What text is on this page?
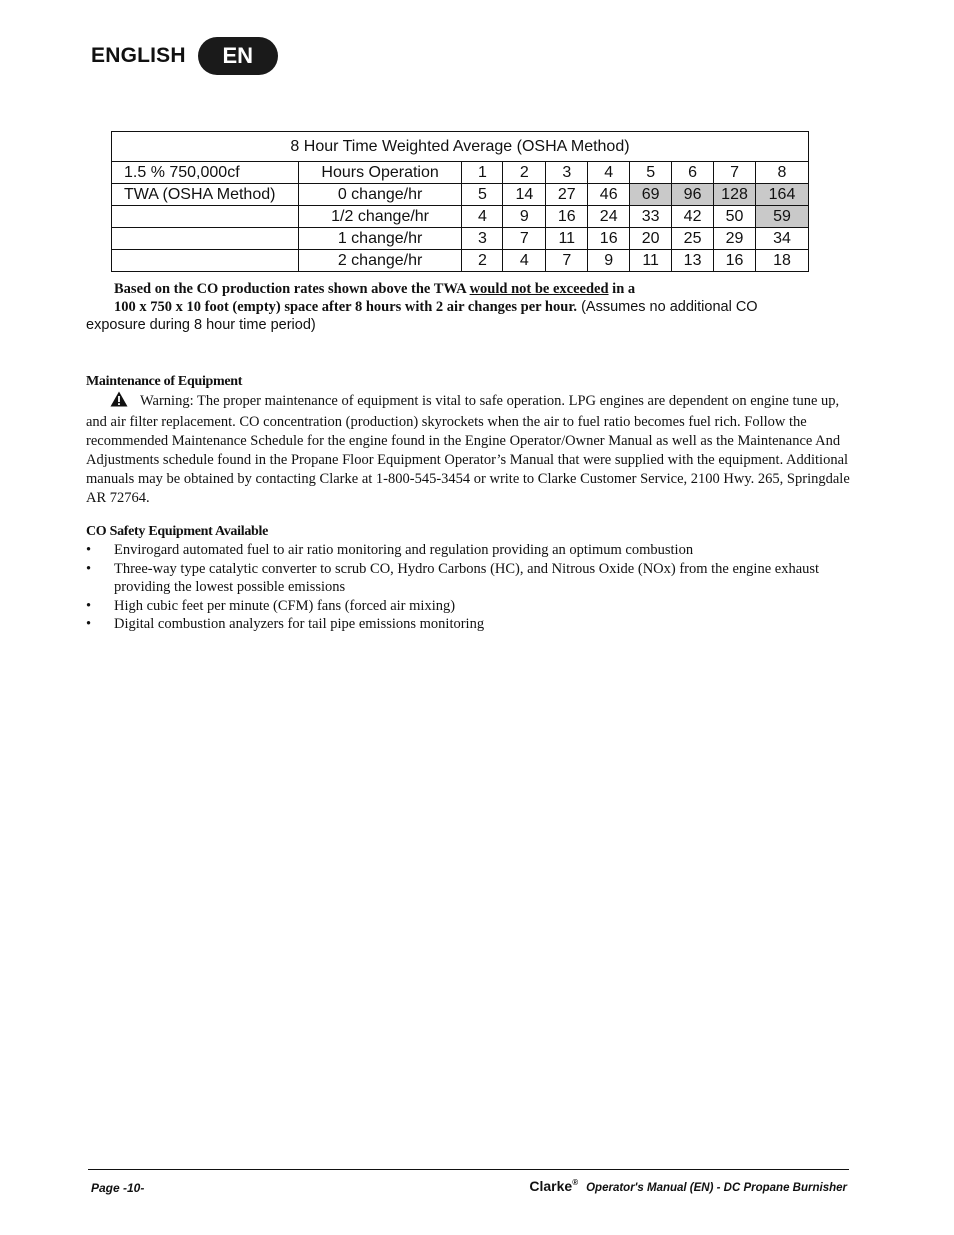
ENGLISH	EN
8 Hour Time Weighted Average (OSHA Method)									
1.5 % 750,000cf	Hours Operation	1	2	3	4	5	6	7	8
TWA (OSHA Method)	0 change/hr	5	14	27	46	69	96	128	164
	1/2 change/hr	4	9	16	24	33	42	50	59
	1 change/hr	3	7	11	16	20	25	29	34
	2 change/hr	2	4	7	9	11	13	16	18

Based on the CO production rates shown above the TWA would not be exceeded in a

100 x 750 x 10 foot (empty) space after 8 hours with 2 air changes per hour. (Assumes no additional CO exposure during 8 hour time period)

Maintenance of Equipment

Warning: The proper maintenance of equipment is vital to safe operation. LPG engines are dependent on engine tune up, and air filter replacement. CO concentration (production) skyrockets when the air to fuel ratio becomes fuel rich. Follow the recommended Maintenance Schedule for the engine found in the Engine Operator/Owner Manual as well as the Maintenance And Adjustments schedule found in the Propane Floor Equipment Operator’s Manual that were supplied with the equipment. Additional manuals may be obtained by contacting Clarke at 1-800-545-3454 or write to Clarke Customer Service, 2100 Hwy. 265, Springdale AR 72764.

CO Safety Equipment Available

• Envirogard automated fuel to air ratio monitoring and regulation providing an optimum combustion
• Three-way type catalytic converter to scrub CO, Hydro Carbons (HC), and Nitrous Oxide (NOx) from the engine exhaust providing the lowest possible emissions
• High cubic feet per minute (CFM) fans (forced air mixing)
• Digital combustion analyzers for tail pipe emissions monitoring
Page -10-	Clarke® Operator's Manual (EN) - DC Propane Burnisher
